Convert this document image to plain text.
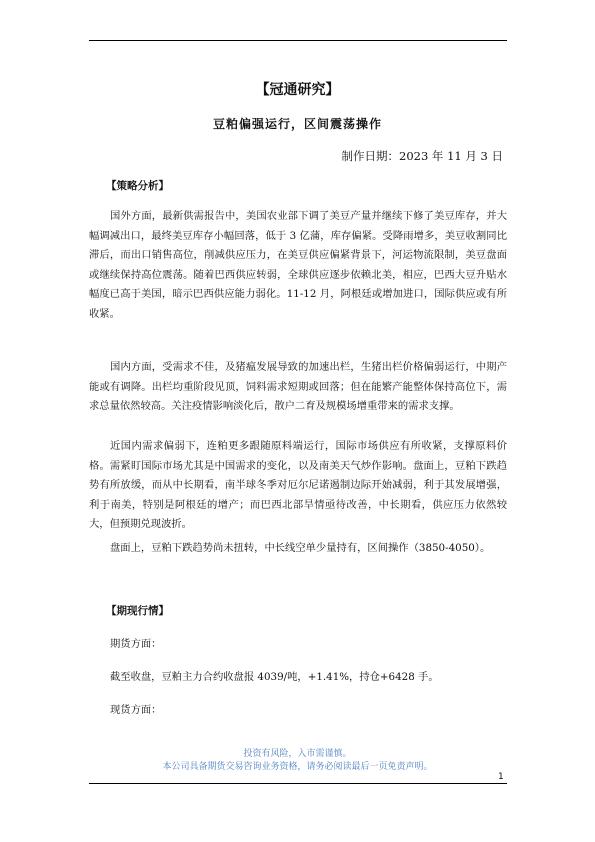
【冠通研究】
豆粕偏强运行，区间震荡操作
制作日期：2023 年 11 月 3 日
【策略分析】

国外方面，最新供需报告中，美国农业部下调了美豆产量并继续下修了美豆库存，并大幅调减出口，最终美豆库存小幅回落，低于 3 亿蒲，库存偏紧。受降雨增多，美豆收割同比滞后，而出口销售高位，削减供应压力，在美豆供应偏紧背景下，河运物流限制，美豆盘面或继续保持高位震荡。随着巴西供应转弱，全球供应逐步依赖北美，相应，巴西大豆升贴水幅度已高于美国，暗示巴西供应能力弱化。11-12 月，阿根廷或增加进口，国际供应或有所收紧。

国内方面，受需求不佳，及猪瘟发展导致的加速出栏，生猪出栏价格偏弱运行，中期产能或有调降。出栏均重阶段见顶，饲料需求短期或回落；但在能繁产能整体保持高位下，需求总量依然较高。关注疫情影响淡化后，散户二育及规模场增重带来的需求支撑。

近国内需求偏弱下，连粕更多跟随原料端运行，国际市场供应有所收紧，支撑原料价格。需紧盯国际市场尤其是中国需求的变化，以及南美天气炒作影响。盘面上，豆粕下跌趋势有所放缓，而从中长期看，南半球冬季对厄尔尼诺遏制边际开始减弱，利于其发展增强，利于南美，特别是阿根廷的增产；而巴西北部旱情亟待改善，中长期看，供应压力依然较大，但预期兑现波折。

盘面上，豆粕下跌趋势尚未扭转，中长线空单少量持有，区间操作（3850-4050）。

【期现行情】

期货方面：

截至收盘，豆粕主力合约收盘报 4039/吨，+1.41%，持仓+6428 手。

现货方面：

投资有风险，入市需谨慎。
本公司具备期货交易咨询业务资格，请务必阅读最后一页免责声明。
1
